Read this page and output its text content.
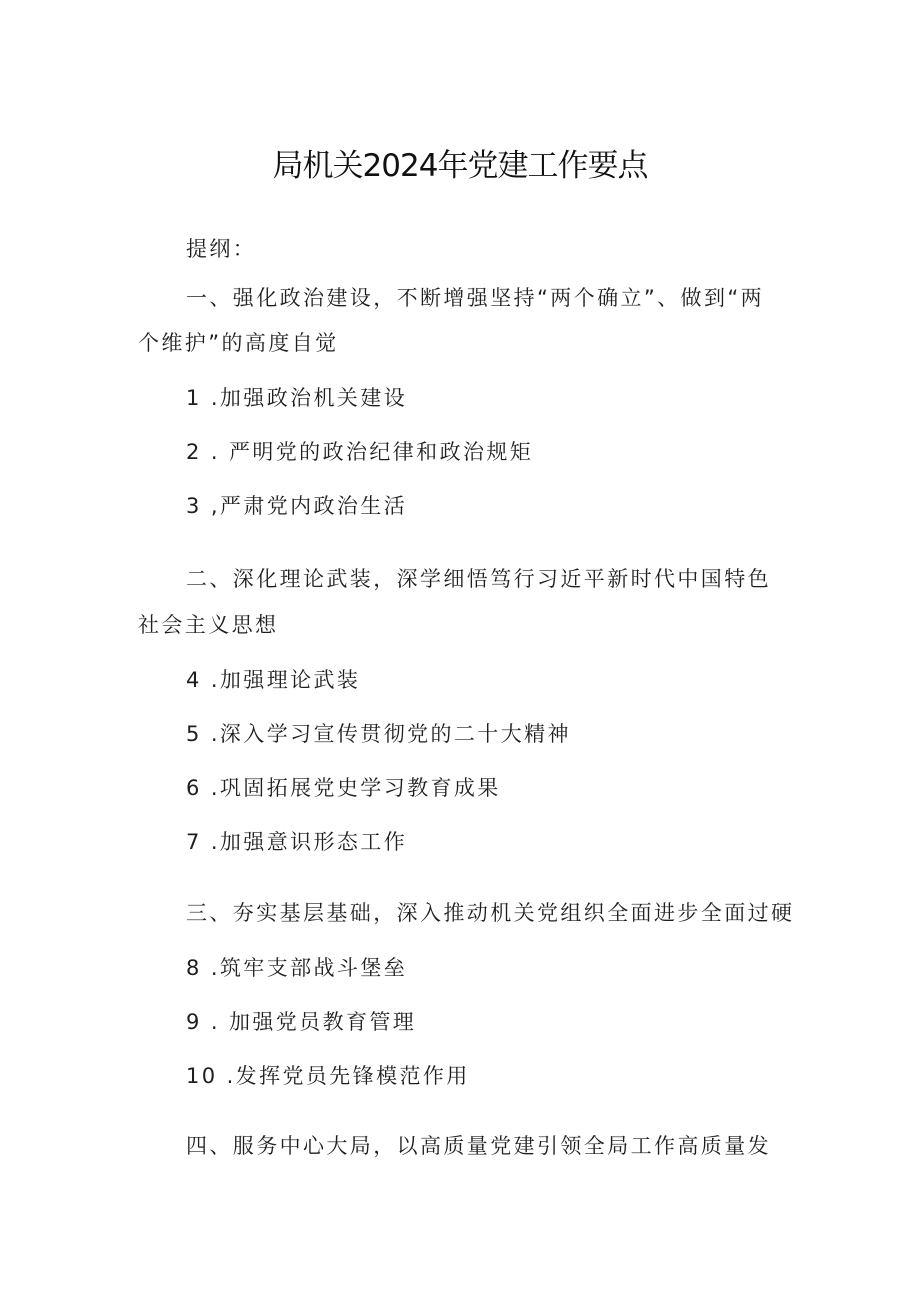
局机关2024年党建工作要点
提纲：
一、强化政治建设，不断增强坚持“两个确立”、做到“两
个维护”的高度自觉
1 .加强政治机关建设
2 . 严明党的政治纪律和政治规矩
3 ,严肃党内政治生活
二、深化理论武装，深学细悟笃行习近平新时代中国特色
社会主义思想
4 .加强理论武装
5 .深入学习宣传贯彻党的二十大精神
6 .巩固拓展党史学习教育成果
7 .加强意识形态工作
三、夯实基层基础，深入推动机关党组织全面进步全面过硬
8 .筑牢支部战斗堡垒
9 . 加强党员教育管理
10 .发挥党员先锋模范作用
四、服务中心大局，以高质量党建引领全局工作高质量发
